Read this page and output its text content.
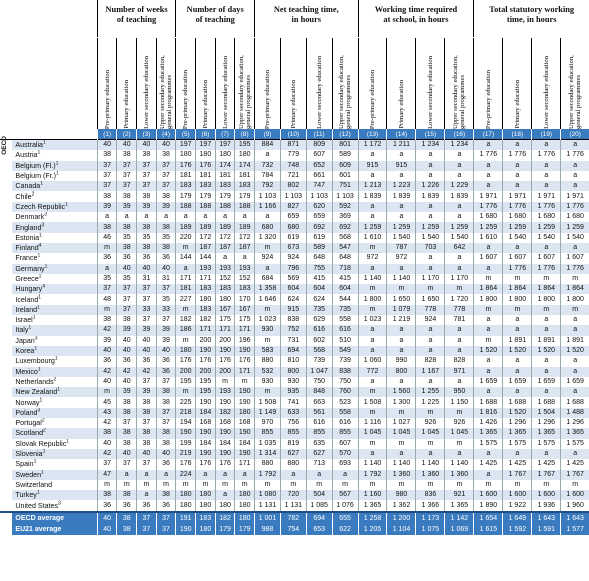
		Number of weeks
of teaching				Number of days
of teaching				Net teaching time,
in hours				Working time required
at school, in hours				Total statutory working
time, in hours			

		Pre-primary education	Primary education	Lower secondary education	Upper secondary education, general programmes	Pre-primary education	Primary education	Lower secondary education	Upper secondary education, general programmes	Pre-primary education	Primary education	Lower secondary education	Upper secondary education, general programmes	Pre-primary education	Primary education	Lower secondary education	Upper secondary education, general programmes	Pre-primary education	Primary education	Lower secondary education	Upper secondary education, general programmes

		(1)	(2)	(3)	(4)	(5)	(6)	(7)	(8)	(9)	(10)	(11)	(12)	(13)	(14)	(15)	(16)	(17)	(18)	(19)	(20)
	Australia$^1$	40	40	40	40	197	197	197	195	884	871	809	801	1 172	1 211	1 234	1 234	a	a	a	a
	Austria$^1$	38	38	38	38	180	180	180	180	a	779	607	589	a	a	a	a	1 776	1 776	1 776	1 776
	Belgium $(Fl.)^1$	37	37	37	37	176	176	174	174	732	748	652	609	915	915	a	a	a	a	a	a
	Belgium $(Fr.)^1$	37	37	37	37	181	181	181	181	784	721	661	601	a	a	a	a	a	a	a	a
	Canada$^1$	37	37	37	37	183	183	183	183	792	802	747	751	1 213	1 223	1 226	1 229	a	a	a	a
	Chile$^2$	38	38	38	38	179	179	179	179	1 103	1 103	1 103	1 103	1 839	1 839	1 839	1 839	1 971	1 971	1 971	1 971
	Czech Republic$^1$	39	39	39	39	188	188	188	188	1 166	827	620	592	a	a	a	a	1 776	1 776	1 776	1 776
	Denmark$^3$	a	a	a	a	a	a	a	a	a	659	659	369	a	a	a	a	1 680	1 680	1 680	1 680
	England$^3$	38	38	38	38	189	189	189	189	680	680	692	692	1 259	1 259	1 259	1 259	1 259	1 259	1 259	1 259
	Estonia$^1$	46	35	35	35	220	172	172	172	1 320	619	619	568	1 610	1 540	1 540	1 540	1 610	1 540	1 540	1 540
	Finland$^4$	m	38	38	38	m	187	187	187	m	673	589	547	m	787	703	642	a	a	a	a
	France$^1$	36	36	36	36	144	144	a	a	924	924	648	648	972	972	a	a	1 607	1 607	1 607	1 607
	Germany$^1$	a	40	40	40	a	193	193	193	a	796	755	718	a	a	a	a	a	1 776	1 776	1 776
	Greece$^1$	35	35	31	31	171	171	152	152	684	569	415	415	1 140	1 140	1 170	1 170	m	m	m	m
	Hungary$^4$	37	37	37	37	181	183	183	183	1 358	604	604	604	m	m	m	m	1 864	1 864	1 864	1 864
	Iceland$^1$	48	37	37	35	227	180	180	170	1 646	624	624	544	1 800	1 650	1 650	1 720	1 800	1 800	1 800	1 800
	Ireland$^1$	m	37	33	33	m	183	167	167	m	915	735	735	m	1 079	778	778	m	m	m	m
	Israel$^1$	38	38	37	37	182	182	175	175	1 023	838	629	558	1 023	1 219	924	781	a	a	a	a
	Italy$^1$	42	39	39	39	186	171	171	171	930	752	616	616	a	a	a	a	a	a	a	a
	Japan$^3$	39	40	40	39	m	200	200	196	m	731	602	510	a	a	a	a	m	1 891	1 891	1 891
	Korea$^1$	40	40	40	40	180	190	190	190	583	694	568	549	a	a	a	a	1 520	1 520	1 520	1 520
	Luxembourg$^1$	36	36	36	36	176	176	176	176	880	810	739	739	1 060	990	828	828	a	a	a	a
	Mexico$^1$	42	42	42	36	200	200	200	171	532	800	1 047	838	772	800	1 167	971	a	a	a	a
	Netherlands$^2$	40	40	37	37	195	195	m	m	930	930	750	750	a	a	a	a	1 659	1 659	1 659	1 659
	New Zealand$^1$	m	39	39	38	m	195	193	190	m	935	848	760	m	1 560	1 255	950	a	a	a	a
	Norway$^1$	45	38	38	38	225	190	190	190	1 508	741	663	523	1 508	1 300	1 225	1 150	1 688	1 688	1 688	1 688
	Poland$^3$	43	38	38	37	218	184	182	180	1 149	633	561	558	m	m	m	m	1 816	1 520	1 504	1 488
	Portugal$^2$	42	37	37	37	194	168	168	168	970	756	616	616	1 116	1 027	926	926	1 426	1 296	1 296	1 296
	Scotland$^2$	38	38	38	38	190	190	190	190	855	855	855	855	1 045	1 045	1 045	1 045	1 365	1 365	1 365	1 365
	Slovak Republic$^1$	40	38	38	38	199	184	184	184	1 035	819	635	607	m	m	m	m	1 575	1 575	1 575	1 575
	Slovenia$^1$	42	40	40	40	219	190	190	190	1 314	627	627	570	a	a	a	a	a	a	a	a
	Spain$^1$	37	37	37	36	176	176	176	171	880	880	713	693	1 140	1 140	1 140	1 140	1 425	1 425	1 425	1 425
	Sweden$^1$	47	a	a	a	224	a	a	a	1 792	a	a	a	1 792	1 360	1 360	1 360	a	1 767	1 767	1 767
	Switzerland	m	m	m	m	m	m	m	m	m	m	m	m	m	m	m	m	m	m	m	m
	Turkey$^1$	38	38	a	38	180	180	a	180	1 080	720	504	567	1 160	980	836	921	1 600	1 600	1 600	1 600
	United States$^3$	36	36	36	36	180	180	180	180	1 131	1 131	1 085	1 076	1 365	1 362	1 366	1 365	1 890	1 922	1 936	1 960
	OECD average	40	38	37	37	191	183	182	180	1 001	782	694	655	1 258	1 200	1 173	1 142	1 654	1 649	1 643	1 643
	EU21 average	40	38	37	37	190	180	179	179	988	754	653	622	1 205	1 104	1 075	1 069	1 615	1 592	1 591	1 577
OECD
